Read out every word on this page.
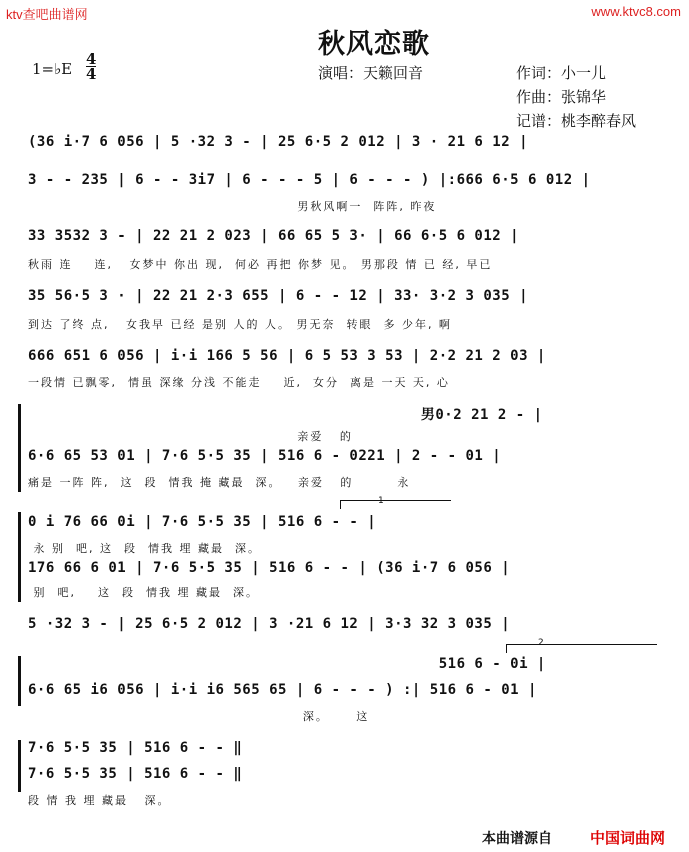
ktv查吧曲谱网	www.ktvc8.com
秋风恋歌
1=♭E
4
4	演唱：天籁回音	作词：小一儿
作曲：张锦华
记谱：桃李醉春风
(36 i·7 6 056 | 5 ·32 3 - | 25 6·5 2 012 | 3 · 21 6 12 |
3 - - 235 | 6 - - 3i7 | 6 - - - 5 | 6 - - - ) |:666 6·5 6 012 |
男秋风啊一  阵阵, 昨夜
33 3532 3 - | 22 21 2 023 | 66 65 5 3· | 66 6·5 6 012 |
秋雨 连    连,   女梦中 你出 现,  何必 再把 你梦 见。 男那段 情 已 经, 早已
35 56·5 3 · | 22 21 2·3 655 | 6 - - 12 | 33· 3·2 3 035 |
到达 了终 点,   女我早 已经 是别 人的 人。 男无奈  转眼  多 少年, 啊
666 651 6 056 | i·i 166 5 56 | 6 5 53 3 53 | 2·2 21 2 03 |
一段情 已飘零,  情虽 深缘 分浅 不能走    近,  女分  离是 一天 天, 心
男0·2 21 2 - |
亲爱   的
6·6 65 53 01 | 7·6 5·5 35 | 516 6 - 0221 | 2 - - 01 |
痛是 一阵 阵,  这  段  情我 掩 藏最  深。   亲爱   的        永
1
0 i 76 66 0i | 7·6 5·5 35 | 516 6 - - |
永 别  吧, 这  段  情我 埋 藏最  深。
176 66 6 01 | 7·6 5·5 35 | 516 6 - - | (36 i·7 6 056 |
别  吧,    这  段  情我 埋 藏最  深。
5 ·32 3 - | 25 6·5 2 012 | 3 ·21 6 12 | 3·3 32 3 035 |
2
516 6 - 0i |
6·6 65 i6 056 | i·i i6 565 65 | 6 - - - ) :| 516 6 - 01 |
深。     这
7·6 5·5 35 | 516 6 - - ‖
7·6 5·5 35 | 516 6 - - ‖
段 情 我 埋 藏最   深。
本曲谱源自	中国词曲网
